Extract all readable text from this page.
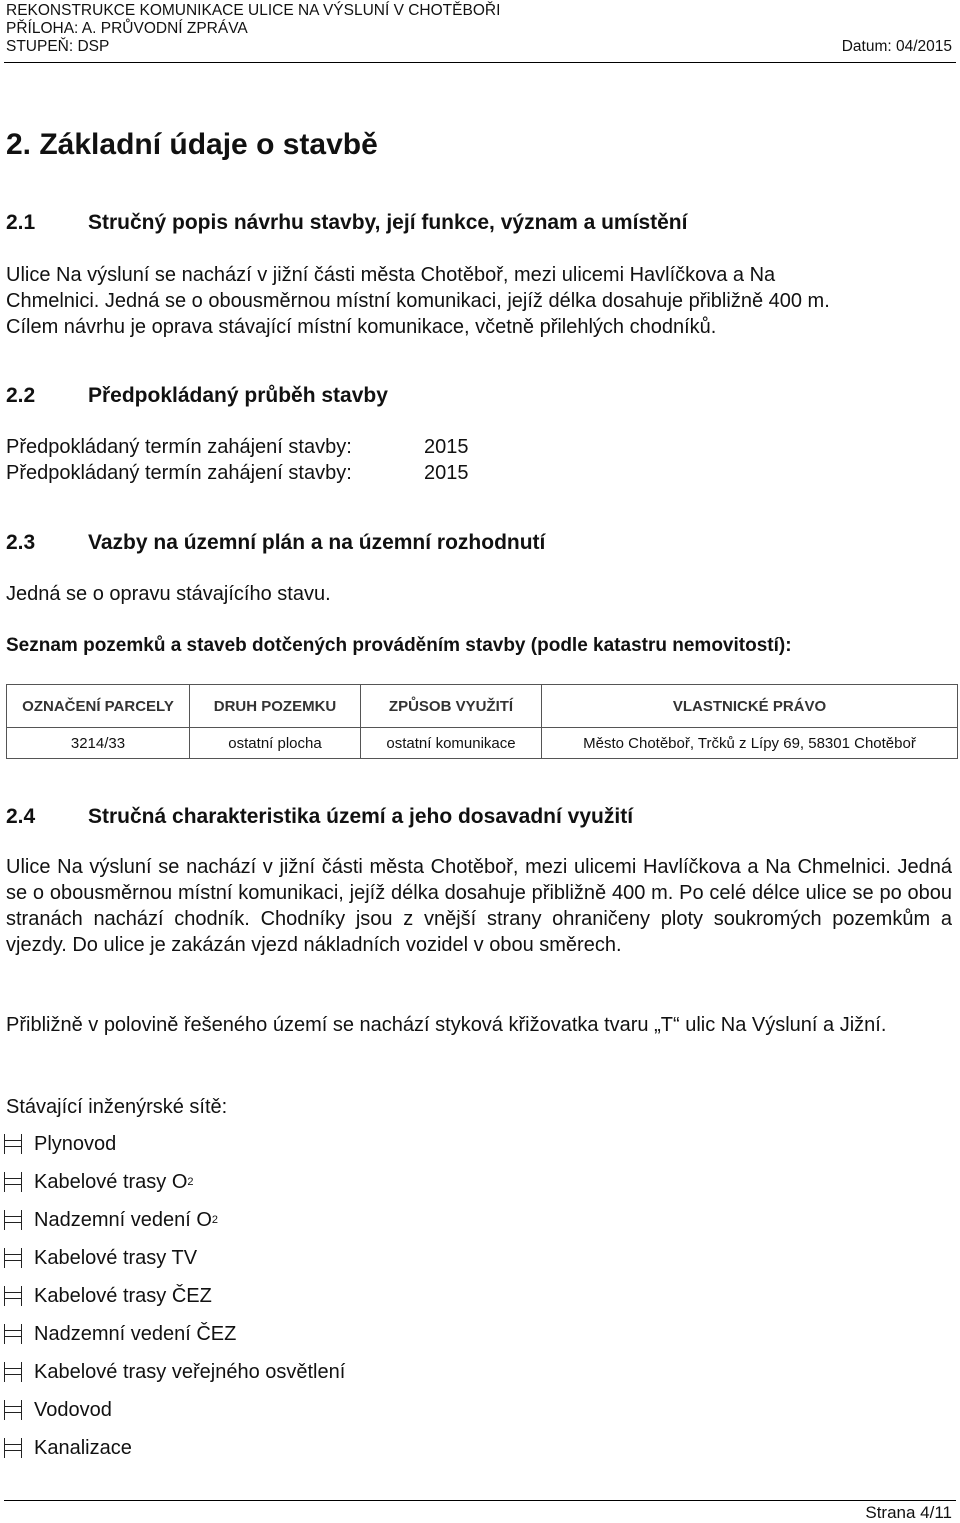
REKONSTRUKCE KOMUNIKACE ULICE NA VÝSLUNÍ V CHOTĚBOŘI
PŘÍLOHA: A. PRŮVODNÍ ZPRÁVA
STUPEŇ: DSP	Datum: 04/2015
2. Základní údaje o stavbě
2.1	Stručný popis návrhu stavby, její funkce, význam a umístění
Ulice Na výsluní se nachází v jižní části města Chotěboř, mezi ulicemi Havlíčkova a Na
Chmelnici. Jedná se o obousměrnou místní komunikaci, jejíž délka dosahuje přibližně 400 m.
Cílem návrhu je oprava stávající místní komunikace, včetně přilehlých chodníků.
2.2	Předpokládaný průběh stavby
Předpokládaný termín zahájení stavby:	2015
Předpokládaný termín zahájení stavby:	2015
2.3	Vazby na územní plán a na územní rozhodnutí
Jedná se o opravu stávajícího stavu.
Seznam pozemků a staveb dotčených prováděním stavby (podle katastru nemovitostí):
OZNAČENÍ PARCELY	DRUH POZEMKU	ZPŮSOB VYUŽITÍ	VLASTNICKÉ PRÁVO
3214/33	ostatní plocha	ostatní komunikace	Město Chotěboř, Trčků z Lípy 69, 58301 Chotěboř
2.4	Stručná charakteristika území a jeho dosavadní využití
Ulice Na výsluní se nachází v jižní části města Chotěboř, mezi ulicemi Havlíčkova a Na Chmelnici. Jedná se o obousměrnou místní komunikaci, jejíž délka dosahuje přibližně 400 m. Po celé délce ulice se po obou stranách nachází chodník. Chodníky jsou z vnější strany ohraničeny ploty soukromých pozemkům a vjezdy. Do ulice je zakázán vjezd nákladních vozidel v obou směrech.
Přibližně v polovině řešeného území se nachází styková křižovatka tvaru „T“ ulic Na Výsluní a Jižní.
Stávající inženýrské sítě:
Plynovod
Kabelové trasy O 2
Nadzemní vedení O 2
Kabelové trasy TV
Kabelové trasy ČEZ
Nadzemní vedení ČEZ
Kabelové trasy veřejného osvětlení
Vodovod
Kanalizace
Strana 4/11
